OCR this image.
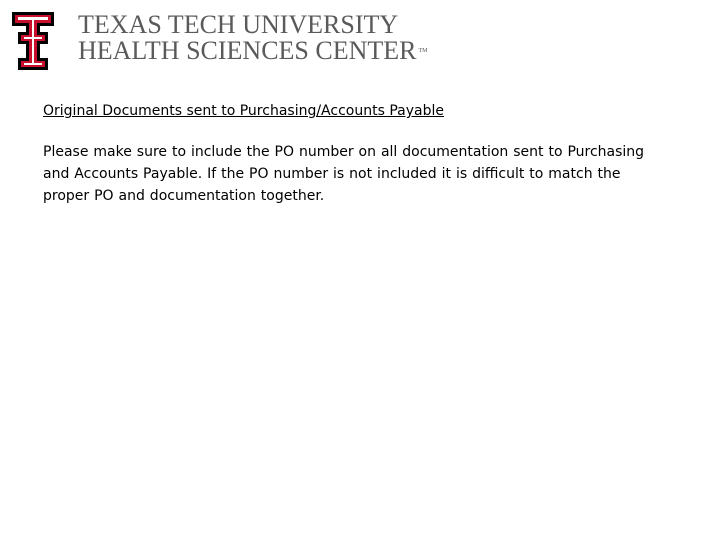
TEXAS TECH UNIVERSITY
HEALTH SCIENCES CENTER ™

Original Documents sent to Purchasing/Accounts Payable

Please make sure to include the PO number on all documentation sent to Purchasing and Accounts Payable. If the PO number is not included it is difficult to match the proper PO and documentation together.
